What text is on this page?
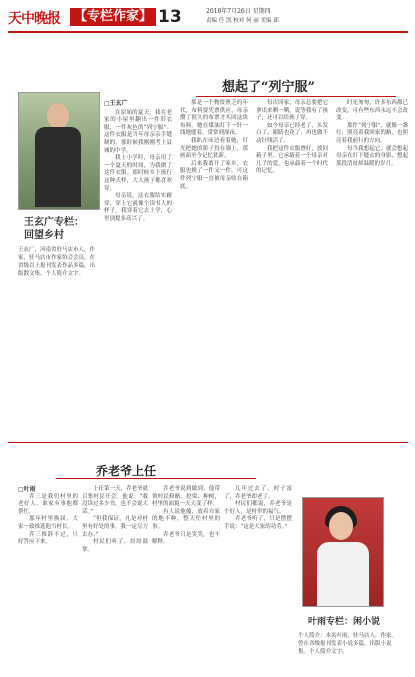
天中晚报	【专栏作家】 13	2018年7月26日 星期四
责编 任 凯 校对 何 丽 美编 邱
想起了“列宁服”
王玄广专栏：
回望乡村
王玄广，河南省驻马店市人，作家，驻马店市作家协会会员。在省级以上报刊发表作品多篇，出版散文集。个人简介文字。
□王玄广

在原始的夏天，我在老家的小屋里翻出一件旧衣服，一件灰色的“列宁服”。这件衣服是当年母亲亲手缝制的，那时候我刚刚考上县城的中学。

我上小学时，母亲用了一个夏天的时间，为我做了这件衣服。那时候乡下流行这种式样，大人孩子都喜欢穿。

母亲说，这衣服结实耐穿，穿上它就像个读书人的样子。我穿着它去上学，心里别提多高兴了。

那是一个物资匮乏的年代，布料要凭票供应，母亲攒了很久的布票才买回这块布料。她在煤油灯下一针一线地缝着，常常到深夜。

我趴在床边看着她，灯光把她的影子投在墙上，那画面至今记忆犹新。

后来我离开了家乡，衣服也换了一件又一件，可这件列宁服一直被母亲收在箱底。

每次回家，母亲总要把它拿出来晒一晒，说等我有了孩子，还可以给孩子穿。

如今母亲已经老了，头发白了，眼睛也花了，再也做不动针线活了。

我把这件衣服叠好，放回箱子里。它承载着一个母亲对儿子的爱，也承载着一个时代的记忆。

时光匆匆，许多东西都已改变，可有些东西永远不会改变。

那件“列宁服”，就像一盏灯，照亮着我回家的路，也照亮着我前行的方向。

每当我想起它，就会想起母亲在灯下缝衣的身影，想起那段清贫却温暖的岁月。

乔老爷上任
□叶雨

乔三是我们村里的老好人，谁家有事他都帮忙。

那年村里换届，大家一致推选他当村长。

乔三推辞不过，只好答应下来。

上任第一天，乔老爷就召集村民开会。他说：“我没读过多少书，也不会说大话。”

“但我保证，凡是对村里有好处的事，我一定尽力去办。”

村民们听了，纷纷鼓掌。

乔老爷说到做到。他带领村民修路、挖渠、种树，村里的面貌一天天变了样。

有人说他傻，放着自家的地不种，整天忙村里的事。

乔老爷只是笑笑，也不解释。

几年过去了，村子富了，乔老爷却老了。

村民们都说，乔老爷是个好人，是村里的福气。

乔老爷听了，只是摆摆手说：“这是大家的功劳。”

叶雨专栏：闲小说
个人简介：本名叶雨，驻马店人，作家。曾在各级报刊发表小说多篇，出版小说集。个人简介文字。
